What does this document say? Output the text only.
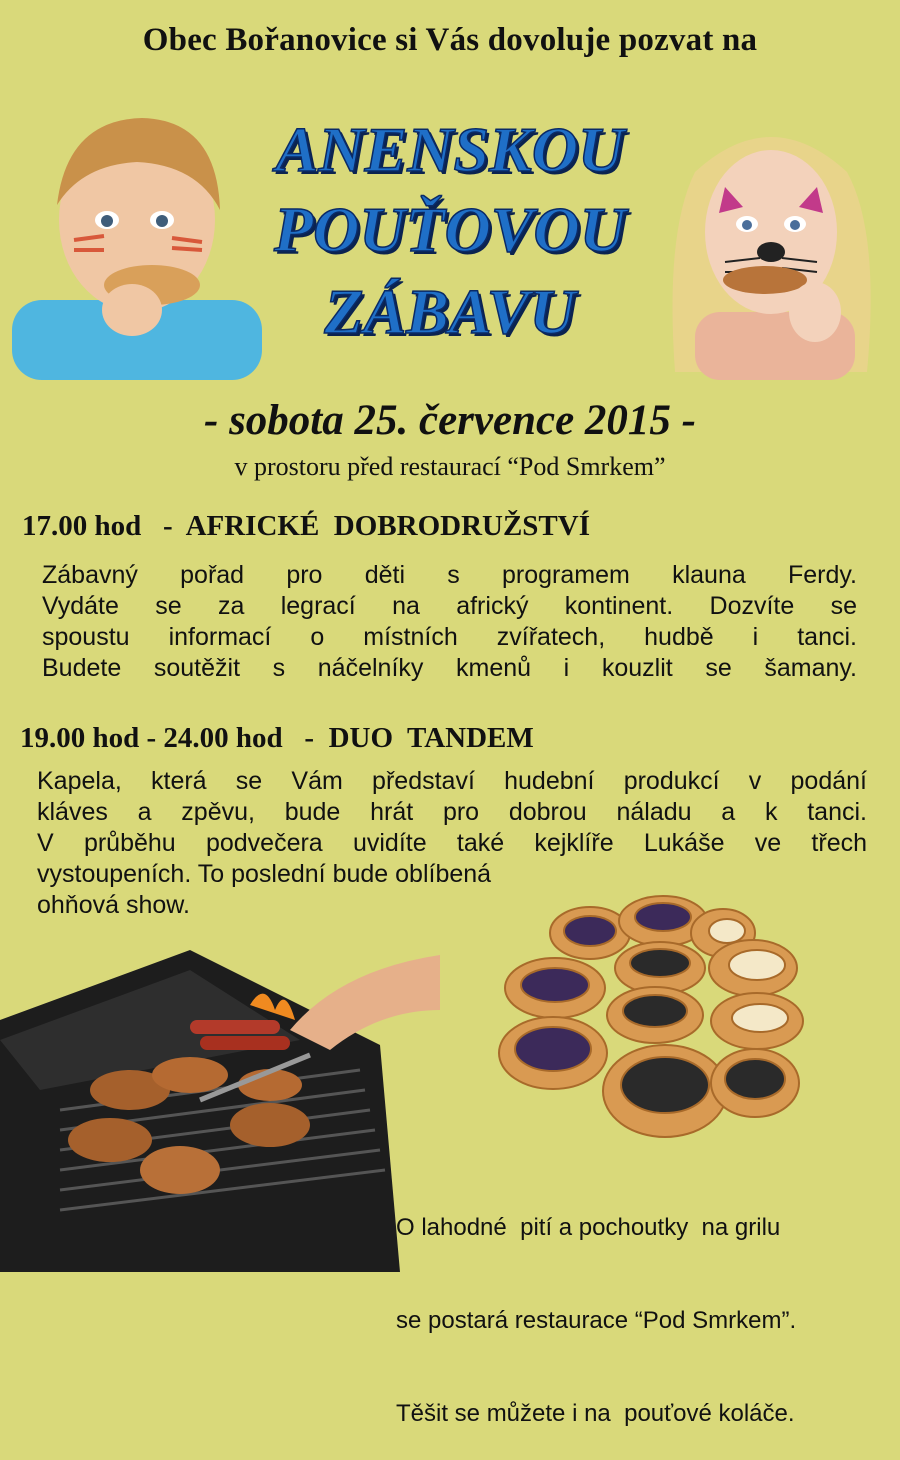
Obec Bořanovice si Vás dovoluje pozvat na
ANENSKOU
POUŤOVOU
ZÁBAVU
- sobota 25. července 2015 -
v prostoru před restaurací “Pod Smrkem”
17.00 hod   -  AFRICKÉ  DOBRODRUŽSTVÍ
Zábavný pořad pro děti s programem klauna Ferdy.
Vydáte se za legrací na africký kontinent. Dozvíte se
spoustu informací o místních zvířatech, hudbě i tanci.
Budete soutěžit s náčelníky kmenů i kouzlit se šamany.
19.00 hod - 24.00 hod   -  DUO  TANDEM
Kapela, která se Vám představí hudební produkcí v podání
kláves a zpěvu, bude hrát pro dobrou náladu a k tanci.
V průběhu podvečera uvidíte také kejklíře Lukáše ve třech
vystoupeních. To poslední bude oblíbená
ohňová show.

O lahodné  pití a pochoutky  na grilu

se postará restaurace “Pod Smrkem”.

Těšit se můžete i na  pouťové koláče.
